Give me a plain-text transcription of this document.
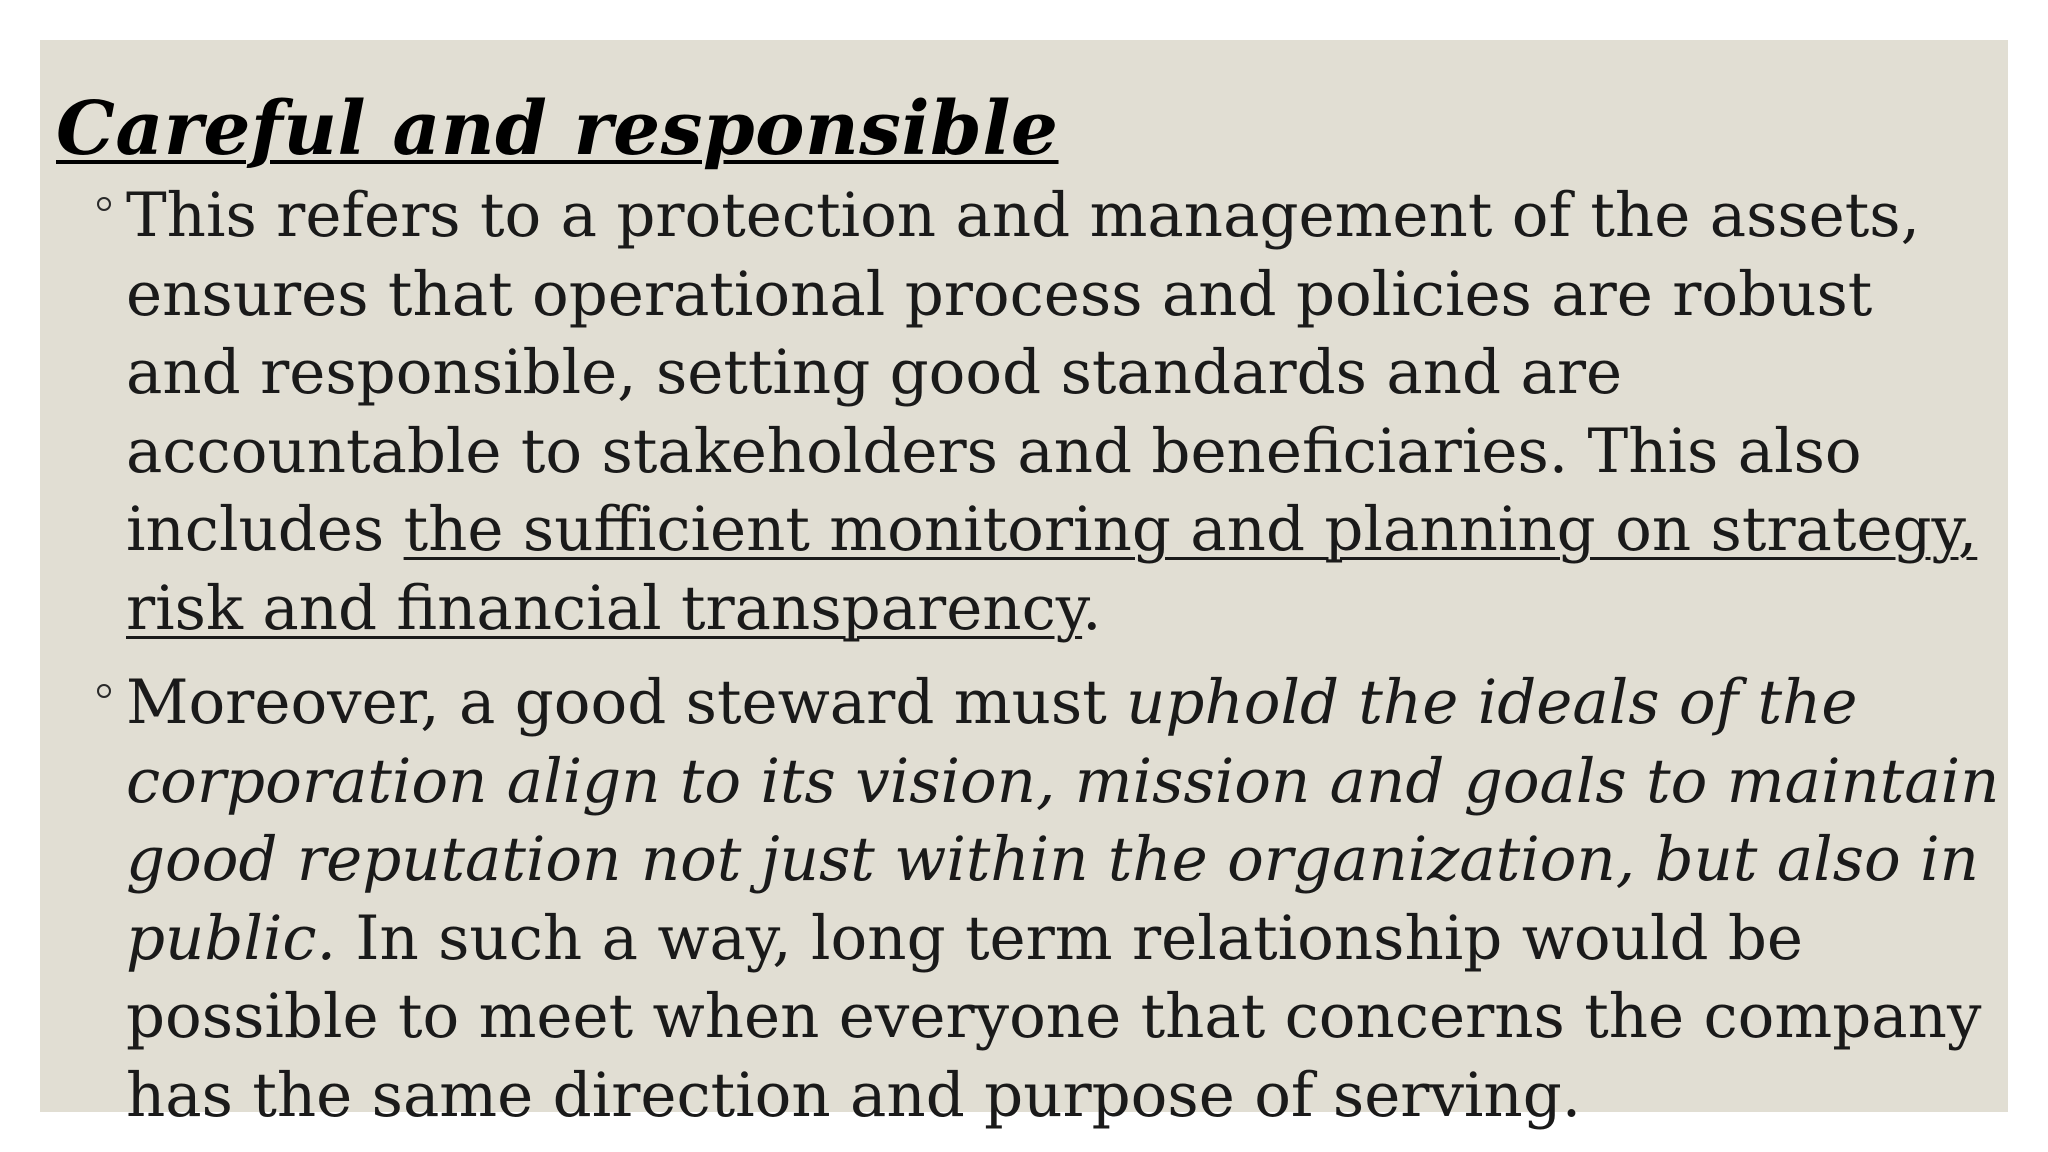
Careful and responsible
This refers to a protection and management of the assets,
ensures that operational process and policies are robust
and responsible, setting good standards and are
accountable to stakeholders and beneficiaries. This also
includes the sufficient monitoring and planning on strategy,
risk and financial transparency.
Moreover, a good steward must uphold the ideals of the
corporation align to its vision, mission and goals to maintain
good reputation not just within the organization, but also in
public. In such a way, long term relationship would be
possible to meet when everyone that concerns the company
has the same direction and purpose of serving.
